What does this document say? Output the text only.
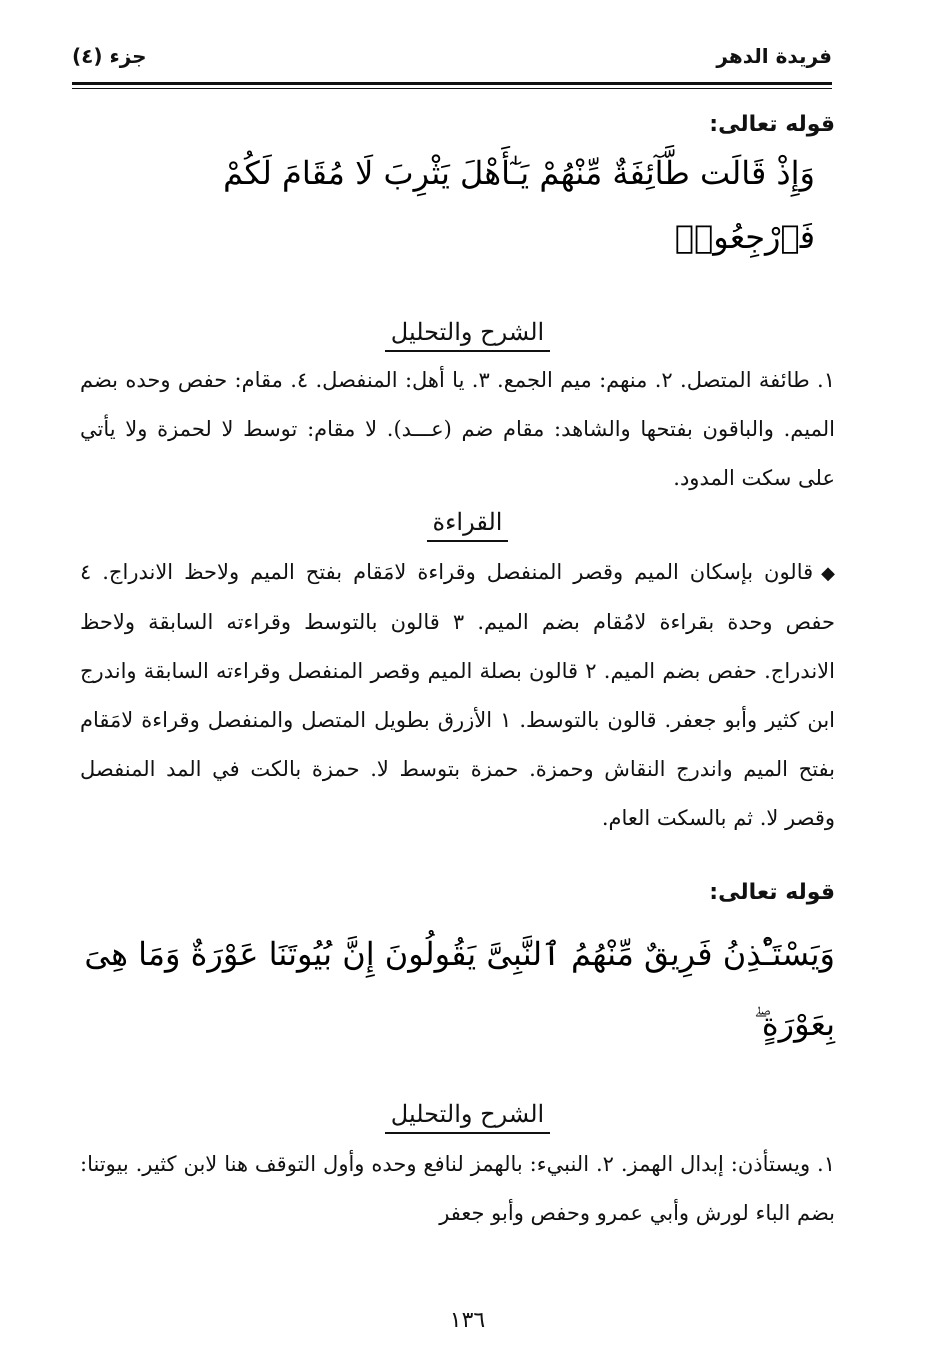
فريدة الدهر
جزء (٤)
قوله تعالى:
وَإِذْ قَالَت طَّآئِفَةٌ مِّنْهُمْ يَـٰٓأَهْلَ يَثْرِبَ لَا مُقَامَ لَكُمْ فَٱرْجِعُوا۟
الشرح والتحليل
١. طائفة المتصل. ٢. منهم: ميم الجمع. ٣. يا أهل: المنفصل. ٤. مقام: حفص وحده بضم الميم. والباقون بفتحها والشاهد: مقام ضم (عـــد). لا مقام: توسط لا لحمزة ولا يأتي على سكت المدود.
القراءة
◆قالون بإسكان الميم وقصر المنفصل وقراءة لامَقام بفتح الميم ولاحظ الاندراج. ٤ حفص وحدة بقراءة لامُقام بضم الميم. ٣ قالون بالتوسط وقراءته السابقة ولاحظ الاندراج. حفص بضم الميم. ٢ قالون بصلة الميم وقصر المنفصل وقراءته السابقة واندرج ابن كثير وأبو جعفر. قالون بالتوسط. ١ الأزرق بطويل المتصل والمنفصل وقراءة لامَقام بفتح الميم واندرج النقاش وحمزة. حمزة بتوسط لا. حمزة بالكت في المد المنفصل وقصر لا. ثم بالسكت العام.
قوله تعالى:
وَيَسْتَـْٔذِنُ فَرِيقٌ مِّنْهُمُ ٱلنَّبِىَّ يَقُولُونَ إِنَّ بُيُوتَنَا عَوْرَةٌ وَمَا هِىَ
بِعَوْرَةٍ ۖ
الشرح والتحليل
١. ويستأذن: إبدال الهمز. ٢. النبيء: بالهمز لنافع وحده وأول التوقف هنا لابن كثير. بيوتنا: بضم الباء لورش وأبي عمرو وحفص وأبو جعفر
١٣٦
